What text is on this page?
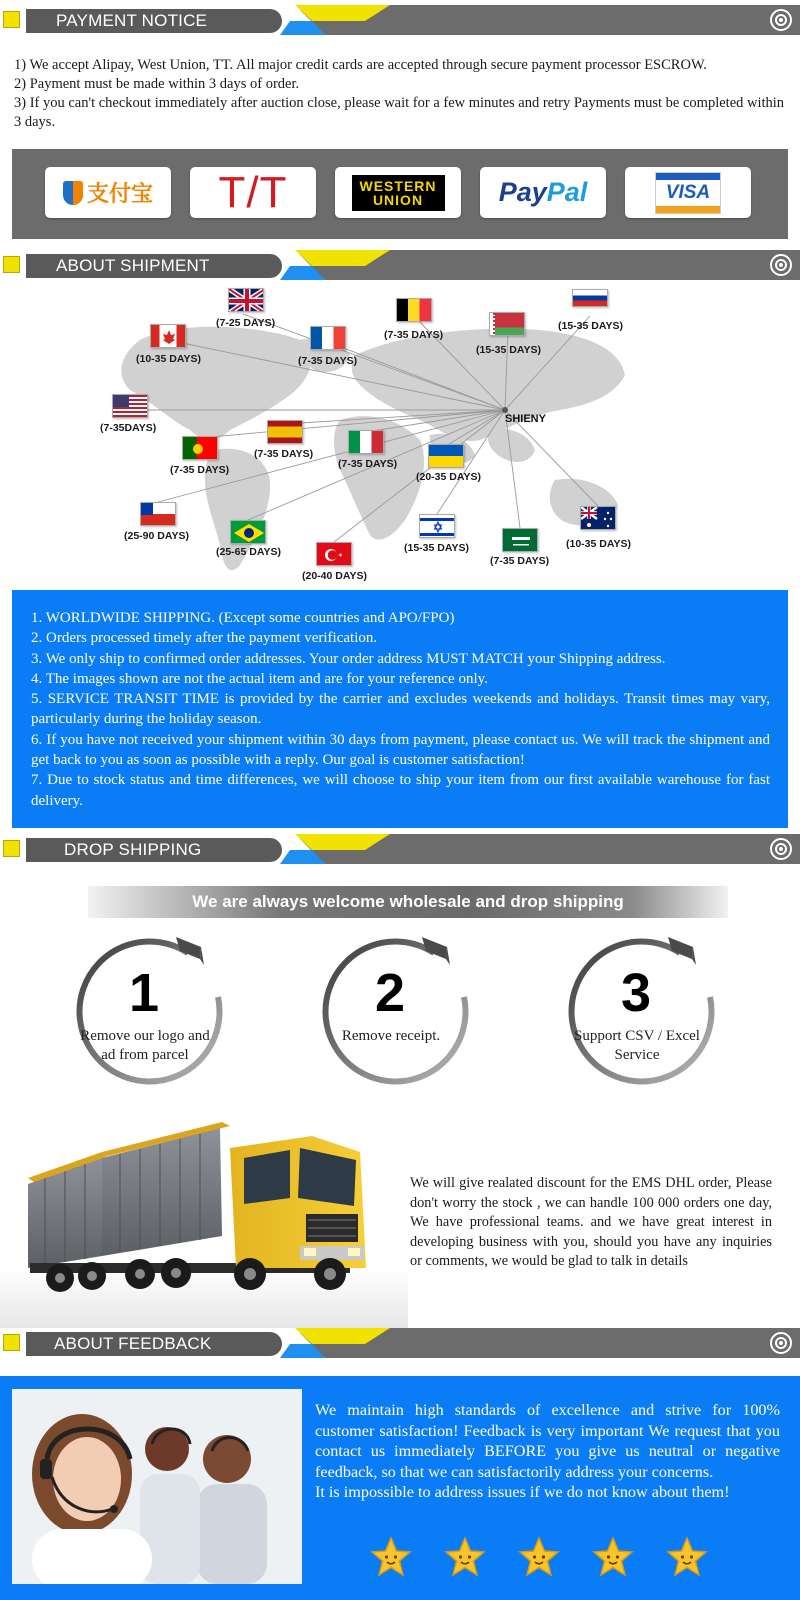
PAYMENT NOTICE
1) We accept Alipay, West Union, TT. All major credit cards are accepted through secure payment processor ESCROW.
2) Payment must be made within 3 days of order.
3) If you can't checkout immediately after auction close, please wait for a few minutes and retry Payments must be completed within 3 days.
支付宝 T/T	WESTERN
UNION	PayPal	VISA
ABOUT SHIPMENT
SHIENY
(7-25 DAYS)
(10-35 DAYS)	(7-35 DAYS)
(7-35 DAYS)
(15-35 DAYS)
(15-35 DAYS)
(7-35DAYS)
(7-35 DAYS)
(7-35 DAYS)	(7-35 DAYS)
(20-35 DAYS)
(25-90 DAYS)
(25-65 DAYS)
(20-40 DAYS)
(15-35 DAYS)
(7-35 DAYS)
(10-35 DAYS)
1. WORLDWIDE SHIPPING. (Except some countries and APO/FPO)
2. Orders processed timely after the payment verification.
3. We only ship to confirmed order addresses. Your order address MUST MATCH your Shipping address.
4. The images shown are not the actual item and are for your reference only.
5. SERVICE TRANSIT TIME is provided by the carrier and excludes weekends and holidays. Transit times may vary, particularly during the holiday season.
6. If you have not received your shipment within 30 days from payment, please contact us. We will track the shipment and get back to you as soon as possible with a reply. Our goal is customer satisfaction!
7. Due to stock status and time differences, we will choose to ship your item from our first available warehouse for fast delivery.
DROP SHIPPING
We are always welcome wholesale and drop shipping
1
Remove our logo and ad from parcel
2
Remove receipt.
3
Support CSV / Excel Service
We will give realated discount for the EMS DHL order, Please don't worry the stock , we can handle 100 000 orders one day, We have professional teams. and we have great interest in developing business with you, should you have any inquiries or comments, we would be glad to talk in details
ABOUT FEEDBACK
We maintain high standards of excellence and strive for 100% customer satisfaction! Feedback is very important We request that you contact us immediately BEFORE you give us neutral or negative feedback, so that we can satisfactorily address your concerns.
It is impossible to address issues if we do not know about them!
